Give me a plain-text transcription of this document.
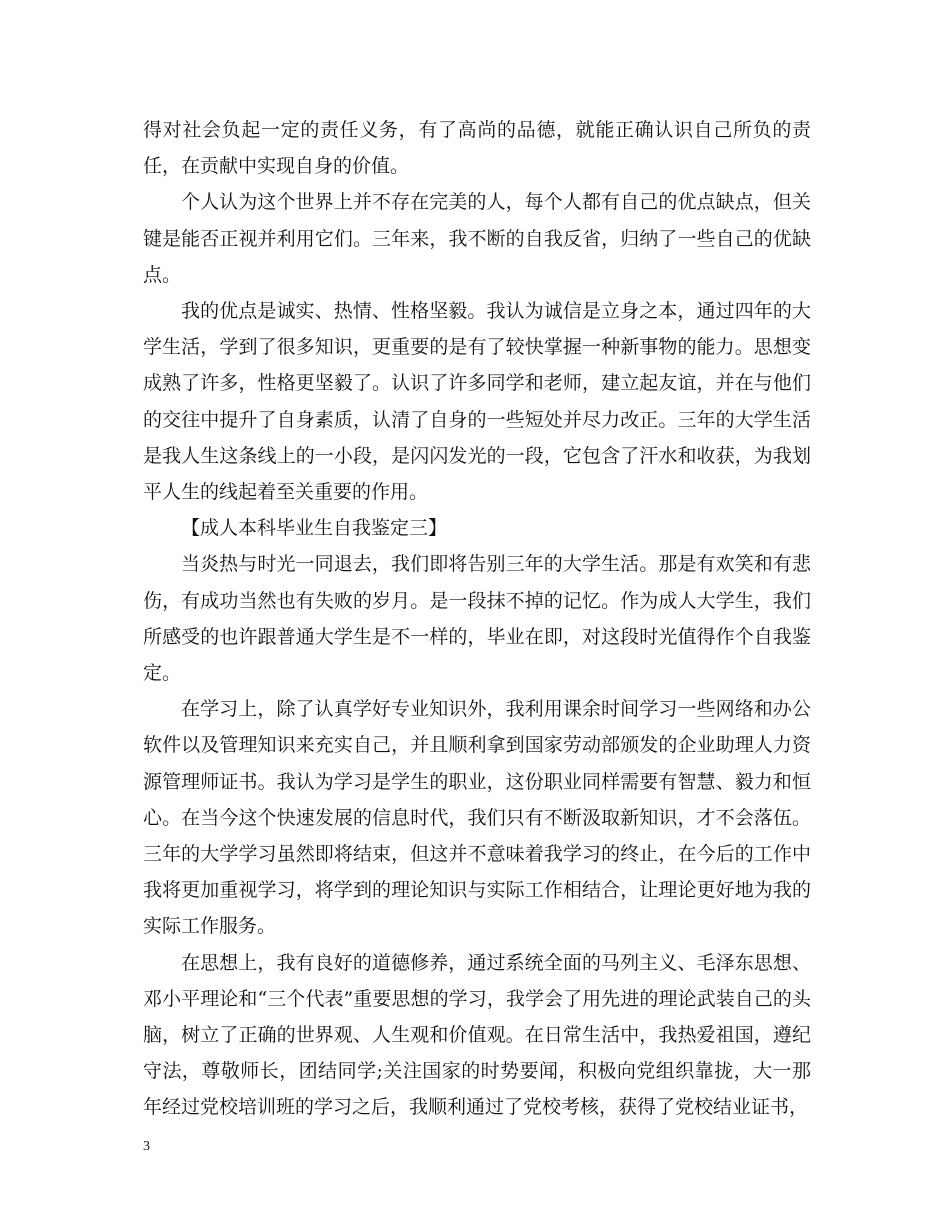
得对社会负起一定的责任义务，有了高尚的品德，就能正确认识自己所负的责任，在贡献中实现自身的价值。

个人认为这个世界上并不存在完美的人，每个人都有自己的优点缺点，但关键是能否正视并利用它们。三年来，我不断的自我反省，归纳了一些自己的优缺点。

我的优点是诚实、热情、性格坚毅。我认为诚信是立身之本，通过四年的大学生活，学到了很多知识，更重要的是有了较快掌握一种新事物的能力。思想变成熟了许多，性格更坚毅了。认识了许多同学和老师，建立起友谊，并在与他们的交往中提升了自身素质，认清了自身的一些短处并尽力改正。三年的大学生活是我人生这条线上的一小段，是闪闪发光的一段，它包含了汗水和收获，为我划平人生的线起着至关重要的作用。

【成人本科毕业生自我鉴定三】

当炎热与时光一同退去，我们即将告别三年的大学生活。那是有欢笑和有悲伤，有成功当然也有失败的岁月。是一段抹不掉的记忆。作为成人大学生，我们所感受的也许跟普通大学生是不一样的，毕业在即，对这段时光值得作个自我鉴定。

在学习上，除了认真学好专业知识外，我利用课余时间学习一些网络和办公软件以及管理知识来充实自己，并且顺利拿到国家劳动部颁发的企业助理人力资源管理师证书。我认为学习是学生的职业，这份职业同样需要有智慧、毅力和恒心。在当今这个快速发展的信息时代，我们只有不断汲取新知识，才不会落伍。三年的大学学习虽然即将结束，但这并不意味着我学习的终止，在今后的工作中我将更加重视学习，将学到的理论知识与实际工作相结合，让理论更好地为我的实际工作服务。

在思想上，我有良好的道德修养，通过系统全面的马列主义、毛泽东思想、邓小平理论和“三个代表”重要思想的学习，我学会了用先进的理论武装自己的头脑，树立了正确的世界观、人生观和价值观。在日常生活中，我热爱祖国，遵纪守法，尊敬师长，团结同学;关注国家的时势要闻，积极向党组织靠拢，大一那年经过党校培训班的学习之后，我顺利通过了党校考核，获得了党校结业证书，

3
